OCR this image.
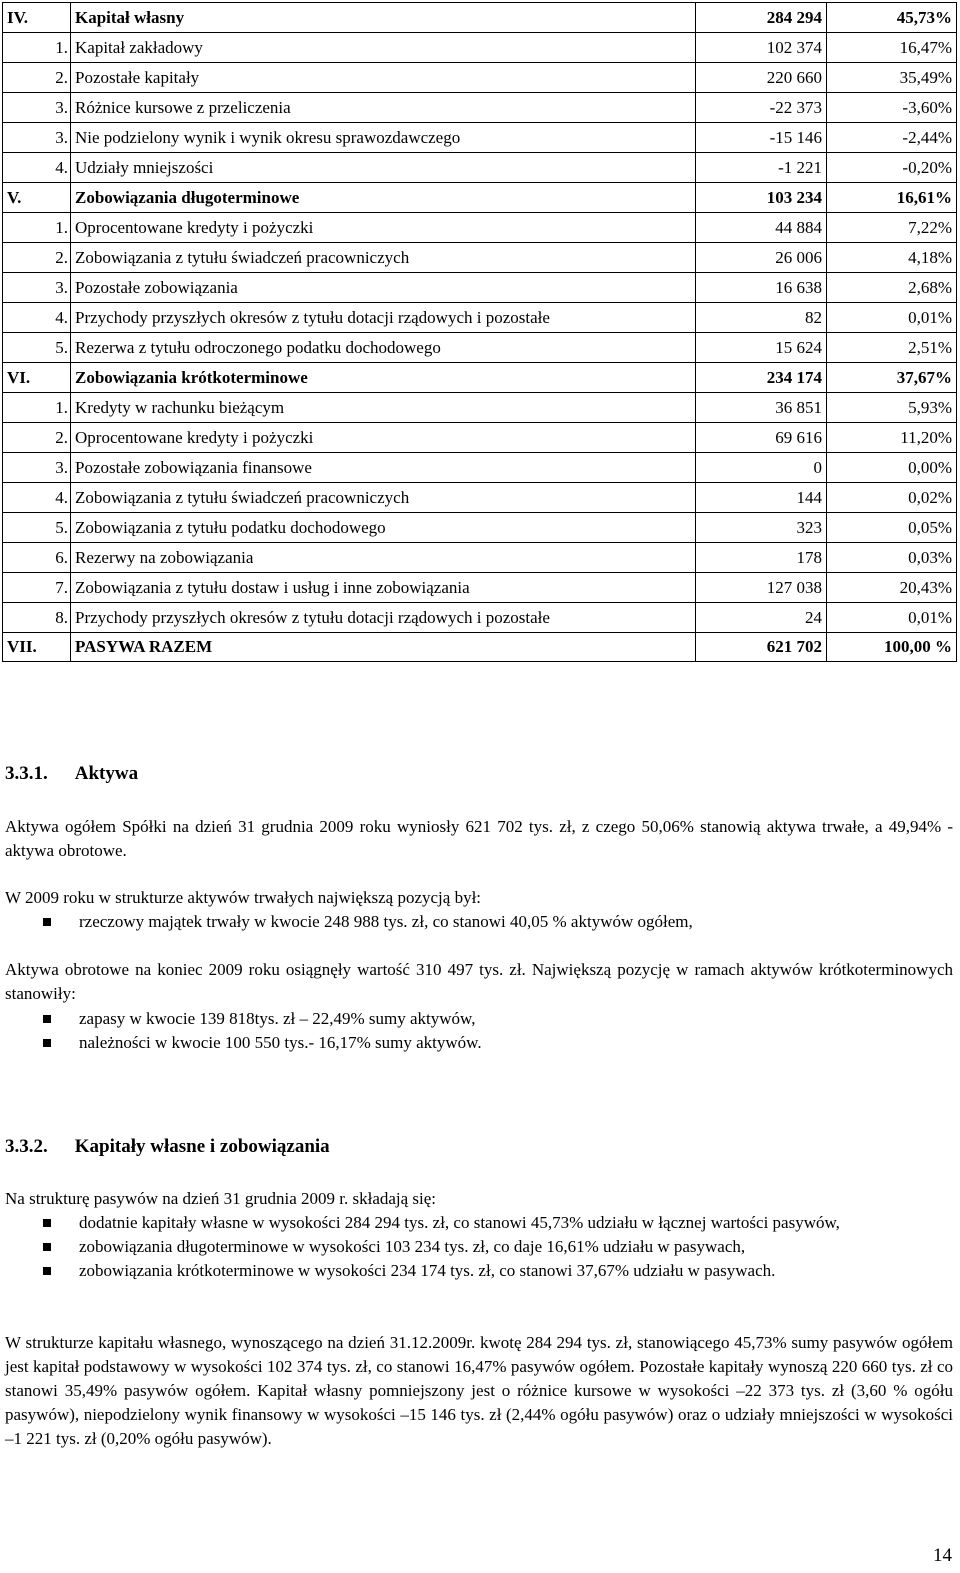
IV.	Kapitał własny	284 294	45,73%
1.	Kapitał zakładowy	102 374	16,47%
2.	Pozostałe kapitały	220 660	35,49%
3.	Różnice kursowe z przeliczenia	-22 373	-3,60%
3.	Nie podzielony wynik i wynik okresu sprawozdawczego	-15 146	-2,44%
4.	Udziały mniejszości	-1 221	-0,20%
V.	Zobowiązania długoterminowe	103 234	16,61%
1.	Oprocentowane kredyty i pożyczki	44 884	7,22%
2.	Zobowiązania z tytułu świadczeń pracowniczych	26 006	4,18%
3.	Pozostałe zobowiązania	16 638	2,68%
4.	Przychody przyszłych okresów z tytułu dotacji rządowych i pozostałe	82	0,01%
5.	Rezerwa z tytułu odroczonego podatku dochodowego	15 624	2,51%
VI.	Zobowiązania krótkoterminowe	234 174	37,67%
1.	Kredyty w rachunku bieżącym	36 851	5,93%
2.	Oprocentowane kredyty i pożyczki	69 616	11,20%
3.	Pozostałe zobowiązania finansowe	0	0,00%
4.	Zobowiązania z tytułu świadczeń pracowniczych	144	0,02%
5.	Zobowiązania z tytułu podatku dochodowego	323	0,05%
6.	Rezerwy na zobowiązania	178	0,03%
7.	Zobowiązania z tytułu dostaw i usług i inne zobowiązania	127 038	20,43%
8.	Przychody przyszłych okresów z tytułu dotacji rządowych i pozostałe	24	0,01%
VII.	PASYWA RAZEM	621 702	100,00 %
3.3.1. Aktywa
Aktywa ogółem Spółki na dzień 31 grudnia 2009 roku wyniosły 621 702 tys. zł, z czego 50,06% stanowią aktywa trwałe, a 49,94% - aktywa obrotowe.
W 2009 roku w strukturze aktywów trwałych największą pozycją był:
rzeczowy majątek trwały w kwocie 248 988 tys. zł, co stanowi 40,05 % aktywów ogółem,
Aktywa obrotowe na koniec 2009 roku osiągnęły wartość 310 497 tys. zł. Największą pozycję w ramach aktywów krótkoterminowych stanowiły:
zapasy w kwocie 139 818tys. zł – 22,49% sumy aktywów,
należności w kwocie 100 550 tys.- 16,17% sumy aktywów.
3.3.2. Kapitały własne i zobowiązania
Na strukturę pasywów na dzień 31 grudnia 2009 r. składają się:
dodatnie kapitały własne w wysokości 284 294 tys. zł, co stanowi 45,73% udziału w łącznej wartości pasywów,
zobowiązania długoterminowe w wysokości 103 234 tys. zł, co daje 16,61% udziału w pasywach,
zobowiązania krótkoterminowe w wysokości 234 174 tys. zł, co stanowi 37,67% udziału w pasywach.
W strukturze kapitału własnego, wynoszącego na dzień 31.12.2009r. kwotę 284 294 tys. zł, stanowiącego 45,73% sumy pasywów ogółem jest kapitał podstawowy w wysokości 102 374 tys. zł, co stanowi 16,47% pasywów ogółem. Pozostałe kapitały wynoszą 220 660 tys. zł co stanowi 35,49% pasywów ogółem. Kapitał własny pomniejszony jest o różnice kursowe w wysokości –22 373 tys. zł (3,60 % ogółu pasywów), niepodzielony wynik finansowy w wysokości –15 146 tys. zł (2,44% ogółu pasywów) oraz o udziały mniejszości w wysokości –1 221 tys. zł (0,20% ogółu pasywów).
14
